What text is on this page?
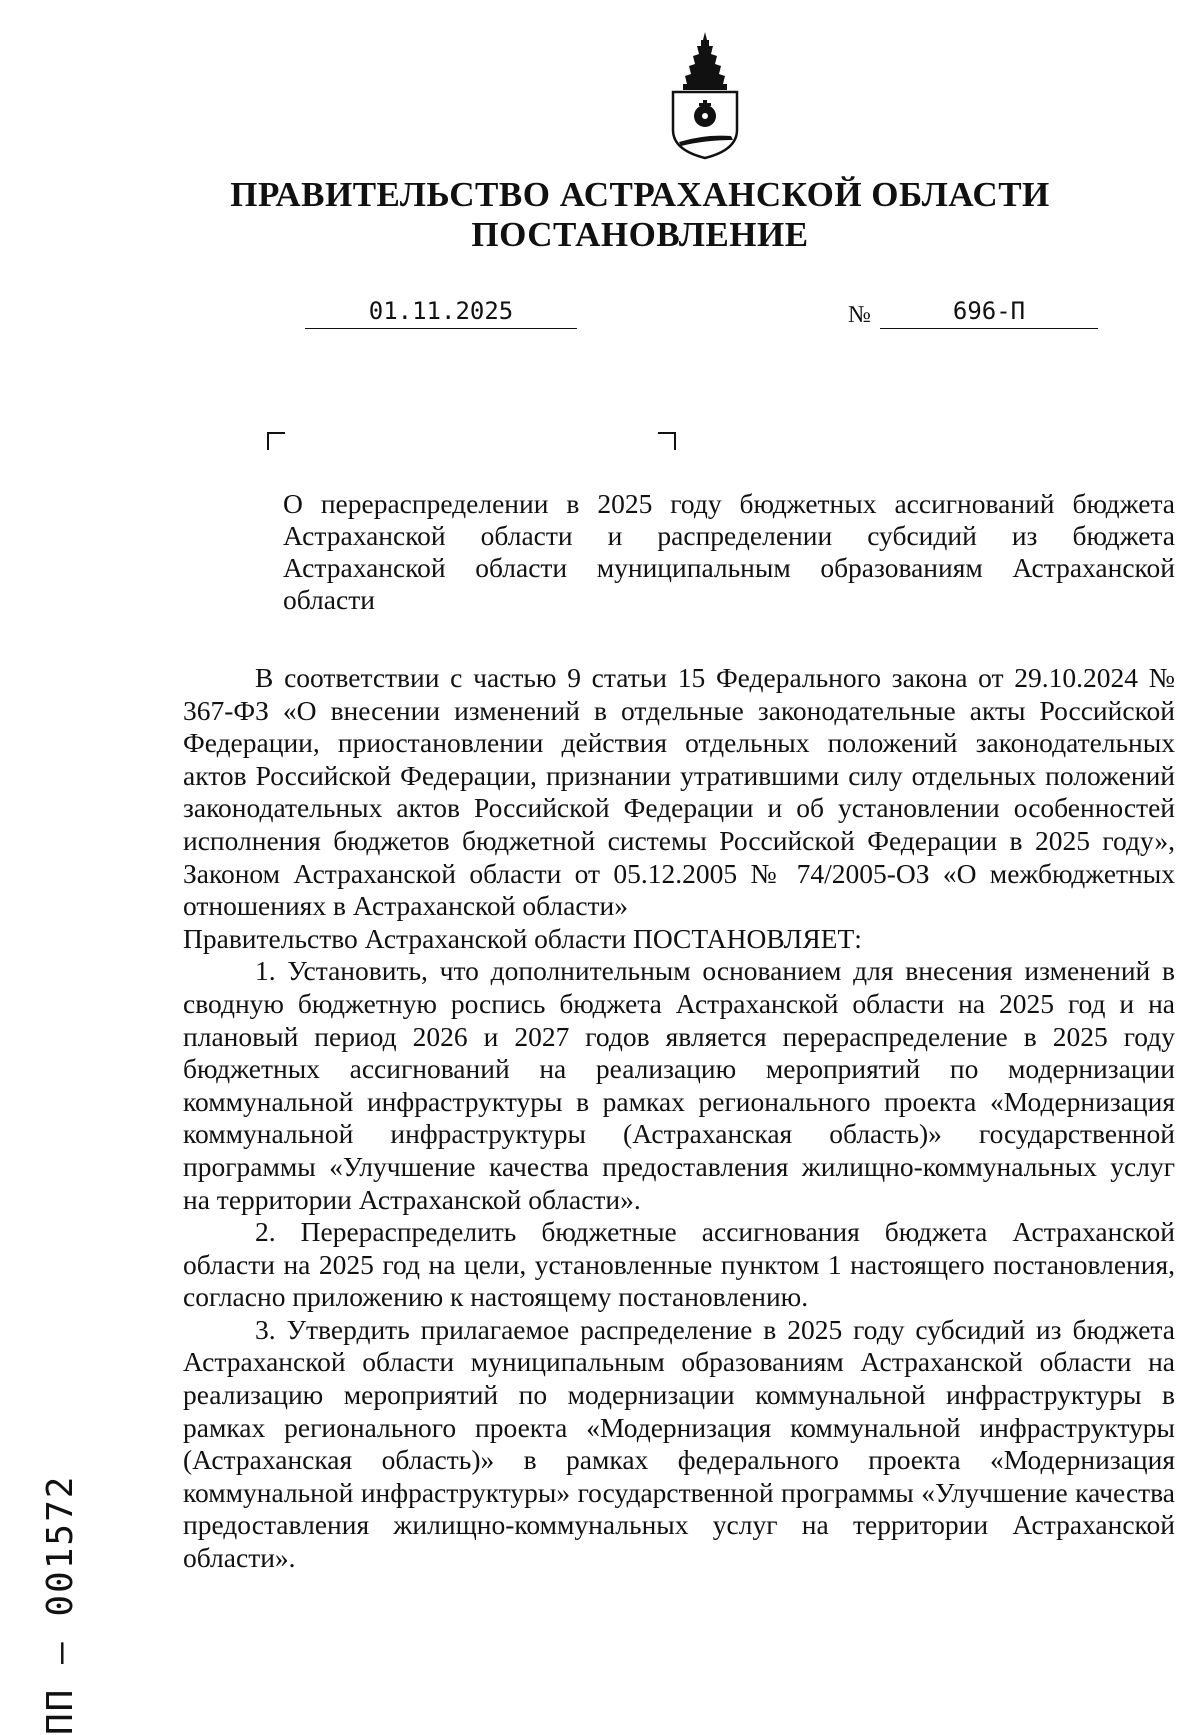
ПРАВИТЕЛЬСТВО АСТРАХАНСКОЙ ОБЛАСТИ
ПОСТАНОВЛЕНИЕ
01.11.2025	№	696-П
О перераспределении в 2025 году бюджетных ассигнований бюджета Астраханской области и распределении субсидий из бюджета Астраханской области муниципальным образованиям Астраханской области

В соответствии с частью 9 статьи 15 Федерального закона от 29.10.2024 № 367-ФЗ «О внесении изменений в отдельные законодательные акты Российской Федерации, приостановлении действия отдельных положений законодательных актов Российской Федерации, признании утратившими силу отдельных положений законодательных актов Российской Федерации и об установлении особенностей исполнения бюджетов бюджетной системы Российской Федерации в 2025 году», Законом Астраханской области от 05.12.2005 № 74/2005-ОЗ «О межбюджетных отношениях в Астраханской области»

Правительство Астраханской области ПОСТАНОВЛЯЕТ:

1. Установить, что дополнительным основанием для внесения изменений в сводную бюджетную роспись бюджета Астраханской области на 2025 год и на плановый период 2026 и 2027 годов является перераспределение в 2025 году бюджетных ассигнований на реализацию мероприятий по модернизации коммунальной инфраструктуры в рамках регионального проекта «Модернизация коммунальной инфраструктуры (Астраханская область)» государственной программы «Улучшение качества предоставления жилищно-коммунальных услуг на территории Астраханской области».

2. Перераспределить бюджетные ассигнования бюджета Астраханской области на 2025 год на цели, установленные пунктом 1 настоящего постановления, согласно приложению к настоящему постановлению.

3. Утвердить прилагаемое распределение в 2025 году субсидий из бюджета Астраханской области муниципальным образованиям Астраханской области на реализацию мероприятий по модернизации коммунальной инфраструктуры в рамках регионального проекта «Модернизация коммунальной инфраструктуры (Астраханская область)» в рамках федерального проекта «Модернизация коммунальной инфраструктуры» государственной программы «Улучшение качества предоставления жилищно-коммунальных услуг на территории Астраханской области».

ПП – 001572
